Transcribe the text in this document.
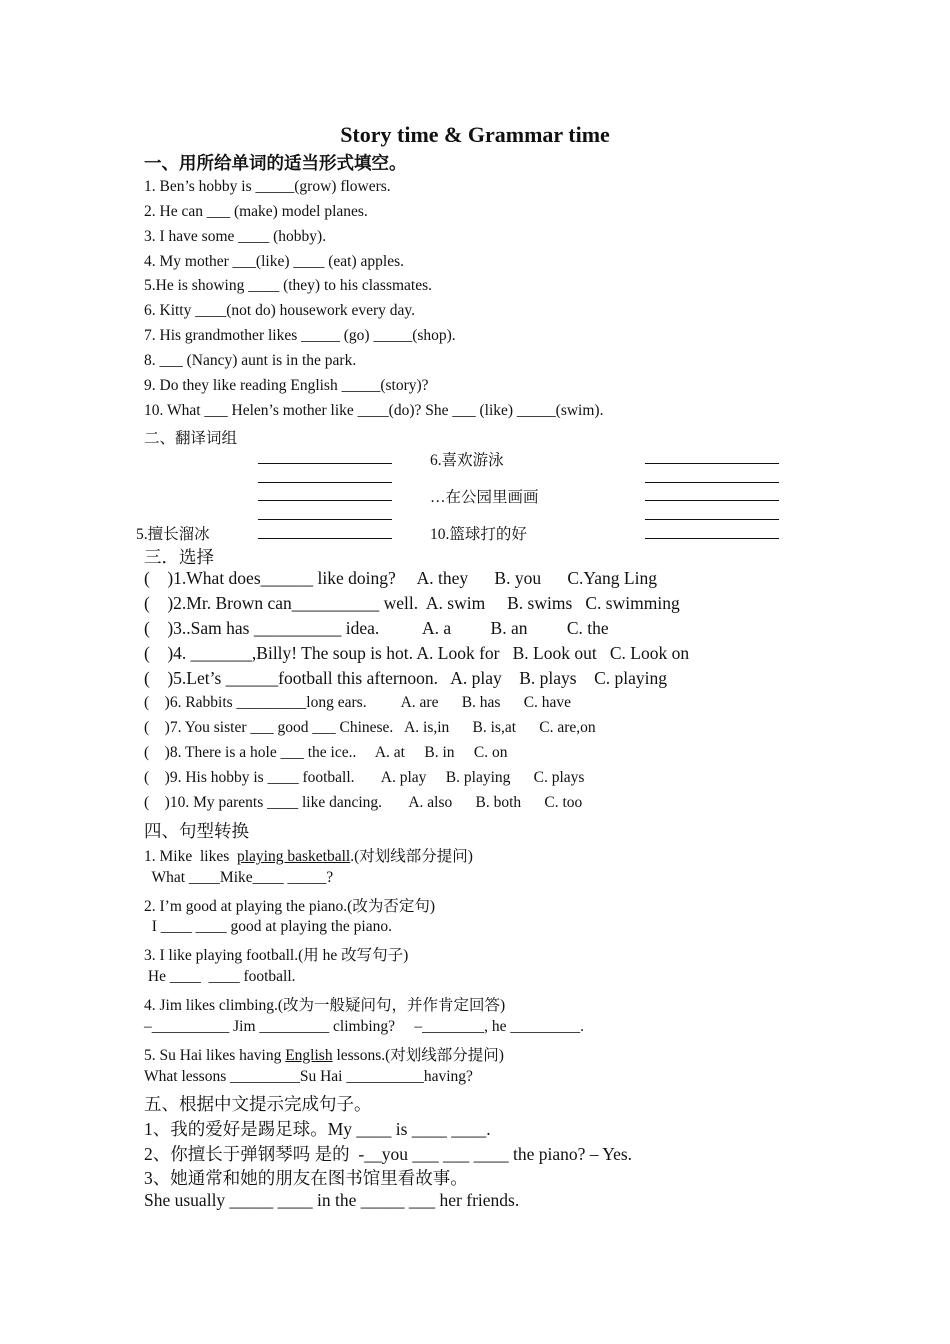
Story time & Grammar time
一、用所给单词的适当形式填空。
1. Ben’s hobby is _____(grow) flowers.
2. He can ___ (make) model planes.
3. I have some ____ (hobby).
4. My mother ___(like) ____ (eat) apples.
5.He is showing ____ (they) to his classmates.
6. Kitty ____(not do) housework every day.
7. His grandmother likes _____ (go) _____(shop).
8. ___ (Nancy) aunt is in the park.
9. Do they like reading English _____(story)?
10. What ___ Helen’s mother like ____(do)? She ___ (like) _____(swim).
二、翻译词组
6.喜欢游泳
…在公园里画画
5.擅长溜冰	10.篮球打的好
三．选择
(    )1.What does______ like doing?     A. they      B. you      C.Yang Ling
(    )2.Mr. Brown can__________ well.  A. swim     B. swims   C. swimming
(    )3..Sam has __________ idea.          A. a         B. an         C. the
(    )4. _______,Billy! The soup is hot. A. Look for   B. Look out   C. Look on
(    )5.Let’s ______football this afternoon.   A. play    B. plays    C. playing
(    )6. Rabbits _________long ears.         A. are      B. has      C. have
(    )7. You sister ___ good ___ Chinese.   A. is,in      B. is,at      C. are,on
(    )8. There is a hole ___ the ice..     A. at     B. in     C. on
(    )9. His hobby is ____ football.       A. play     B. playing      C. plays
(    )10. My parents ____ like dancing.       A. also      B. both      C. too
四、句型转换
1. Mike  likes  playing basketball.(对划线部分提问)
What ____Mike____ _____?
2. I’m good at playing the piano.(改为否定句)
I ____ ____ good at playing the piano.
3. I like playing football.(用 he 改写句子)
He ____  ____ football.
4. Jim likes climbing.(改为一般疑问句，并作肯定回答)
–__________ Jim _________ climbing?     –________, he _________.
5. Su Hai likes having English lessons.(对划线部分提问)
What lessons _________Su Hai __________having?
五、根据中文提示完成句子。
1、我的爱好是踢足球。My ____ is ____ ____.
2、你擅长于弹钢琴吗 是的  -__you ___ ___ ____ the piano? – Yes.
3、她通常和她的朋友在图书馆里看故事。
She usually _____ ____ in the _____ ___ her friends.
